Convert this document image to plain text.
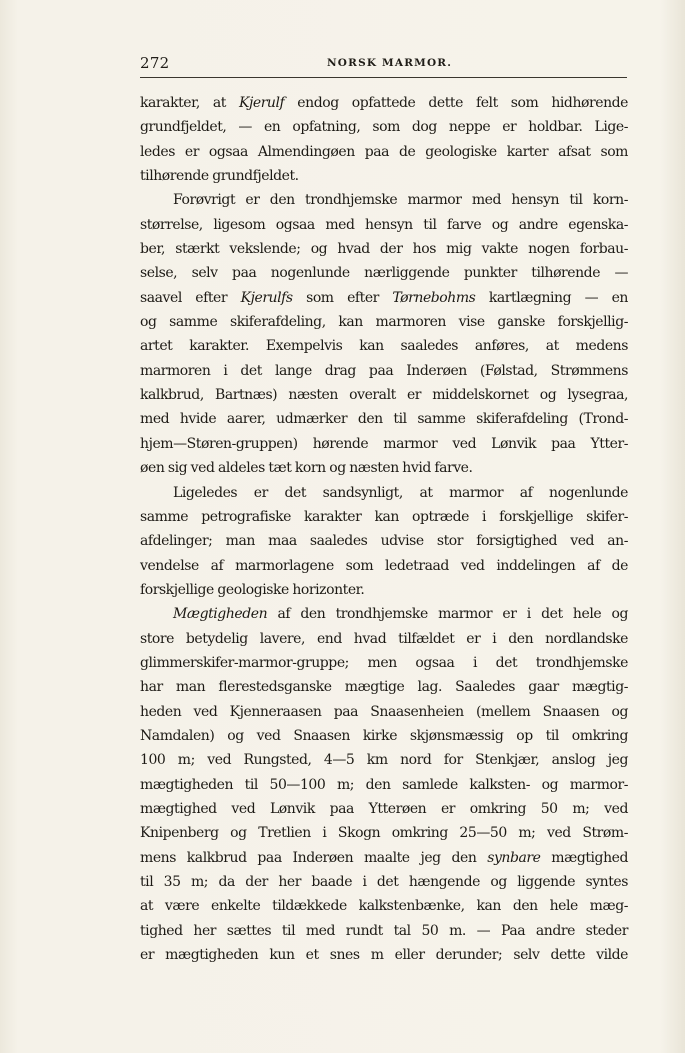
272	NORSK MARMOR.
karakter, at Kjerulf endog opfattede dette felt som hidhørende
grundfjeldet, — en opfatning, som dog neppe er holdbar. Lige-
ledes er ogsaa Almendingøen paa de geologiske karter afsat som
tilhørende grundfjeldet.
Forøvrigt er den trondhjemske marmor med hensyn til korn-
størrelse, ligesom ogsaa med hensyn til farve og andre egenska-
ber, stærkt vekslende; og hvad der hos mig vakte nogen forbau-
selse, selv paa nogenlunde nærliggende punkter tilhørende —
saavel efter Kjerulfs som efter Tørnebohms kartlægning — en
og samme skiferafdeling, kan marmoren vise ganske forskjellig-
artet karakter. Exempelvis kan saaledes anføres, at medens
marmoren i det lange drag paa Inderøen (Følstad, Strømmens
kalkbrud, Bartnæs) næsten overalt er middelskornet og lysegraa,
med hvide aarer, udmærker den til samme skiferafdeling (Trond-
hjem—Støren-gruppen) hørende marmor ved Lønvik paa Ytter-
øen sig ved aldeles tæt korn og næsten hvid farve.
Ligeledes er det sandsynligt, at marmor af nogenlunde
samme petrografiske karakter kan optræde i forskjellige skifer-
afdelinger; man maa saaledes udvise stor forsigtighed ved an-
vendelse af marmorlagene som ledetraad ved inddelingen af de
forskjellige geologiske horizonter.
Mægtigheden af den trondhjemske marmor er i det hele og
store betydelig lavere, end hvad tilfældet er i den nordlandske
glimmerskifer-marmor-gruppe; men ogsaa i det trondhjemske
har man flerestedsganske mægtige lag. Saaledes gaar mægtig-
heden ved Kjenneraasen paa Snaasenheien (mellem Snaasen og
Namdalen) og ved Snaasen kirke skjønsmæssig op til omkring
100 m; ved Rungsted, 4—5 km nord for Stenkjær, anslog jeg
mægtigheden til 50—100 m; den samlede kalksten- og marmor-
mægtighed ved Lønvik paa Ytterøen er omkring 50 m; ved
Knipenberg og Tretlien i Skogn omkring 25—50 m; ved Strøm-
mens kalkbrud paa Inderøen maalte jeg den synbare mægtighed
til 35 m; da der her baade i det hængende og liggende syntes
at være enkelte tildækkede kalkstenbænke, kan den hele mæg-
tighed her sættes til med rundt tal 50 m. — Paa andre steder
er mægtigheden kun et snes m eller derunder; selv dette vilde
